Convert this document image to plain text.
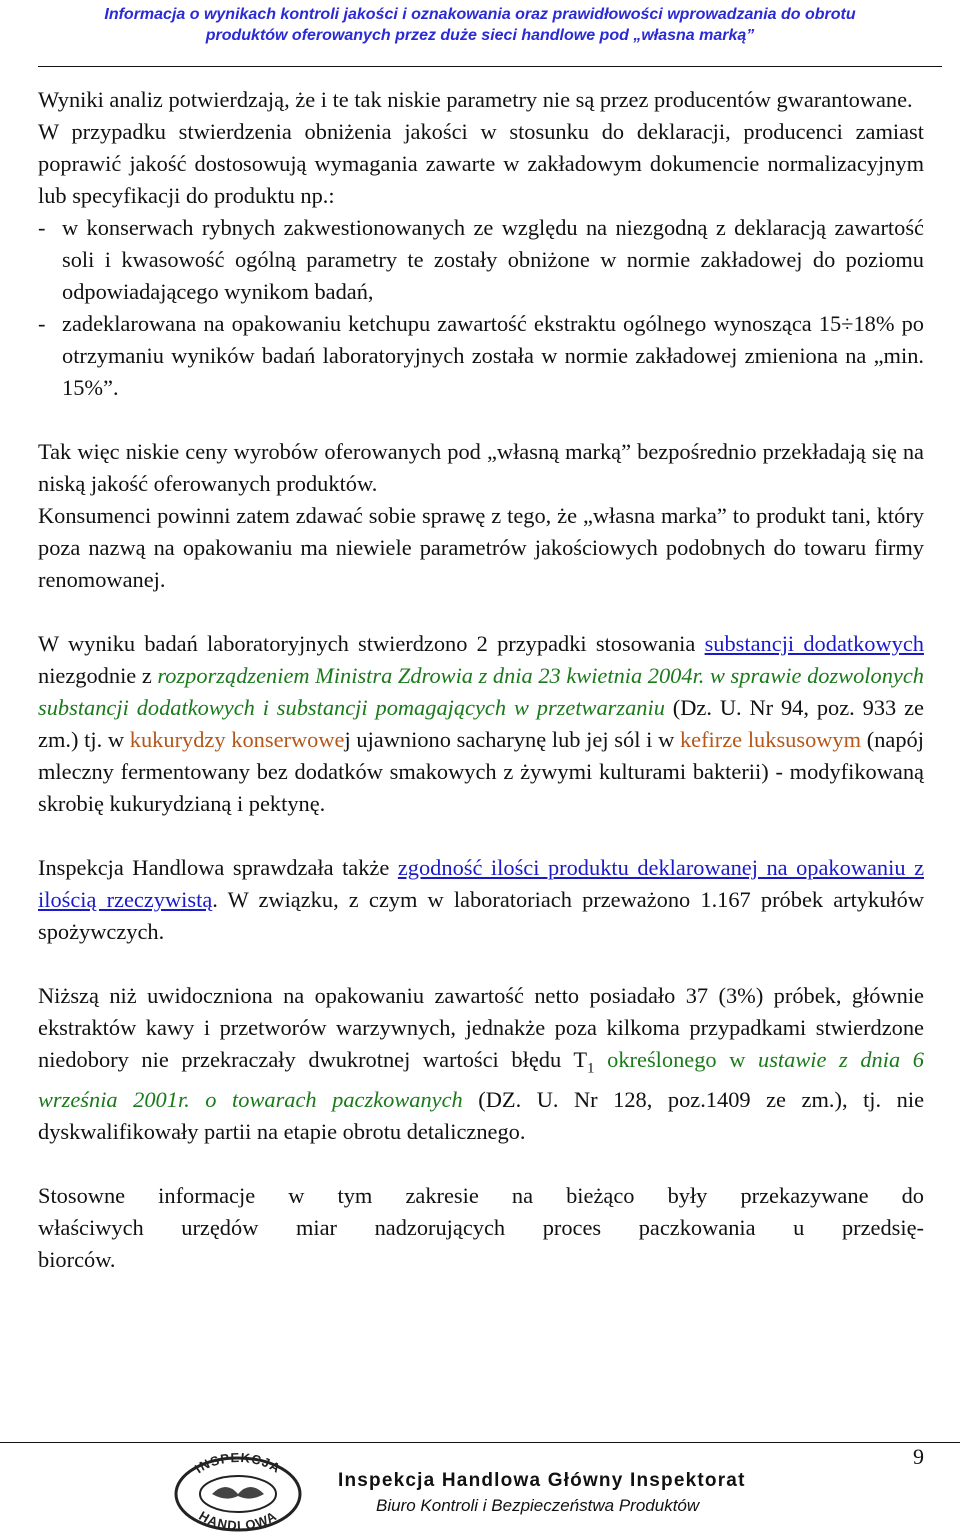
Informacja o wynikach kontroli jakości i oznakowania oraz prawidłowości wprowadzania do obrotu
produktów oferowanych przez duże sieci handlowe pod „własna marką”

Wyniki analiz potwierdzają, że i te tak niskie parametry nie są przez producentów gwarantowane.

W przypadku stwierdzenia obniżenia jakości w stosunku do deklaracji, producenci zamiast poprawić jakość dostosowują wymagania zawarte w zakładowym dokumencie normalizacyjnym lub specyfikacji do produktu np.:

- w konserwach rybnych zakwestionowanych ze względu na niezgodną z deklaracją zawartość soli i kwasowość ogólną parametry te zostały obniżone w normie zakładowej do poziomu odpowiadającego wynikom badań,
- zadeklarowana na opakowaniu ketchupu zawartość ekstraktu ogólnego wynosząca 15÷18% po otrzymaniu wyników badań laboratoryjnych została w normie zakładowej zmieniona na „min. 15%”.

Tak więc niskie ceny wyrobów oferowanych pod „własną marką” bezpośrednio przekładają się na niską jakość oferowanych produktów.

Konsumenci powinni zatem zdawać sobie sprawę z tego, że „własna marka” to produkt tani, który poza nazwą na opakowaniu ma niewiele parametrów jakościowych podobnych do towaru firmy renomowanej.

W wyniku badań laboratoryjnych stwierdzono 2 przypadki stosowania substancji dodatkowych niezgodnie z rozporządzeniem Ministra Zdrowia z dnia 23 kwietnia 2004r. w sprawie dozwolonych substancji dodatkowych i substancji pomagających w przetwarzaniu (Dz. U. Nr 94, poz. 933 ze zm.) tj. w kukurydzy konserwowej ujawniono sacharynę lub jej sól i w kefirze luksusowym (napój mleczny fermentowany bez dodatków smakowych z żywymi kulturami bakterii) - modyfikowaną skrobię kukurydzianą i pektynę.

Inspekcja Handlowa sprawdzała także zgodność ilości produktu deklarowanej na opakowaniu z ilością rzeczywistą. W związku, z czym w laboratoriach przeważono 1.167 próbek artykułów spożywczych.

Niższą niż uwidoczniona na opakowaniu zawartość netto posiadało 37 (3%) próbek, głównie ekstraktów kawy i przetworów warzywnych, jednakże poza kilkoma przypadkami stwierdzone niedobory nie przekraczały dwukrotnej wartości błędu $T_1$ określonego w ustawie z dnia 6 września 2001r. o towarach paczkowanych (DZ. U. Nr 128, poz.1409 ze zm.), tj. nie dyskwalifikowały partii na etapie obrotu detalicznego.

Stosowne informacje w tym zakresie na bieżąco były przekazywane do

właściwych urzędów miar nadzorujących proces paczkowania u przedsię-

biorców.

9
INSPEKCJA
HANDLOWA
Inspekcja Handlowa Główny Inspektorat
Biuro Kontroli i Bezpieczeństwa Produktów
